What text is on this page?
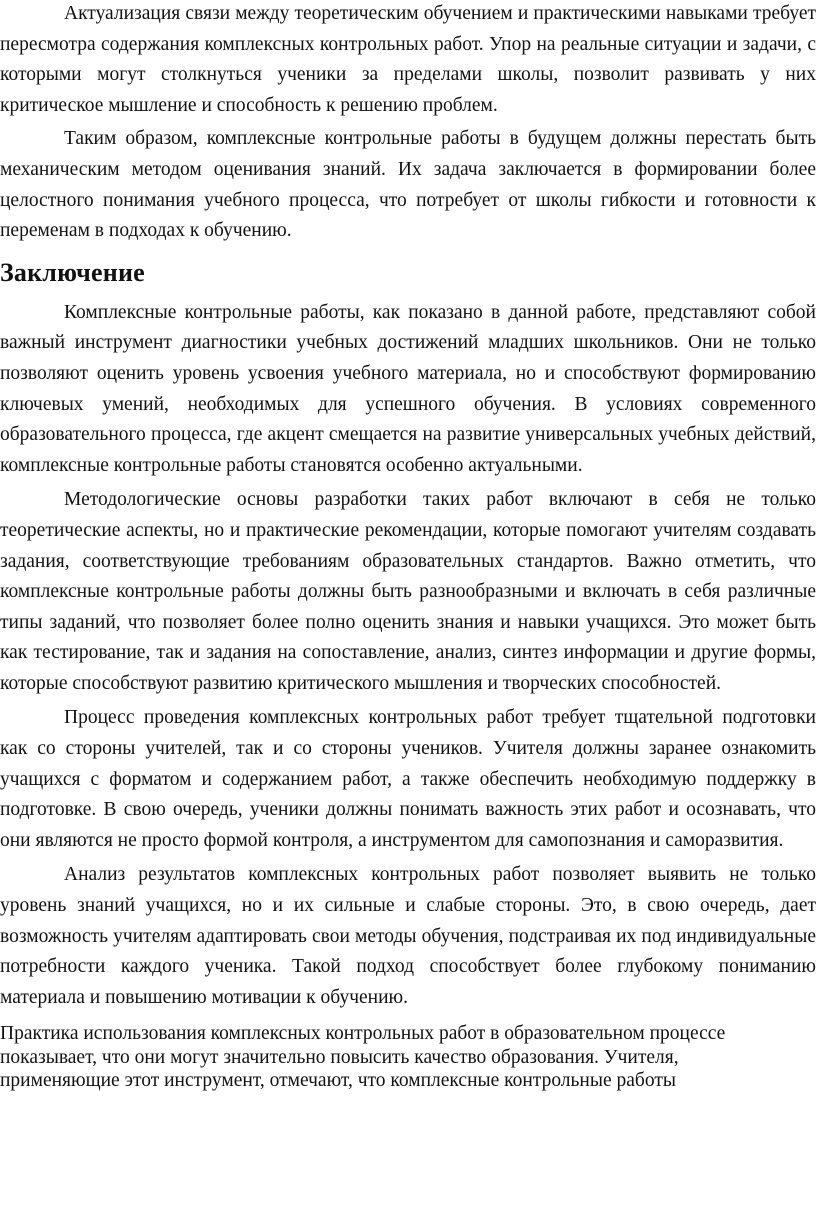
Актуализация связи между теоретическим обучением и практическими навыками требует пересмотра содержания комплексных контрольных работ. Упор на реальные ситуации и задачи, с которыми могут столкнуться ученики за пределами школы, позволит развивать у них критическое мышление и способность к решению проблем.

Таким образом, комплексные контрольные работы в будущем должны перестать быть механическим методом оценивания знаний. Их задача заключается в формировании более целостного понимания учебного процесса, что потребует от школы гибкости и готовности к переменам в подходах к обучению.

Заключение

Комплексные контрольные работы, как показано в данной работе, представляют собой важный инструмент диагностики учебных достижений младших школьников. Они не только позволяют оценить уровень усвоения учебного материала, но и способствуют формированию ключевых умений, необходимых для успешного обучения. В условиях современного образовательного процесса, где акцент смещается на развитие универсальных учебных действий, комплексные контрольные работы становятся особенно актуальными.

Методологические основы разработки таких работ включают в себя не только теоретические аспекты, но и практические рекомендации, которые помогают учителям создавать задания, соответствующие требованиям образовательных стандартов. Важно отметить, что комплексные контрольные работы должны быть разнообразными и включать в себя различные типы заданий, что позволяет более полно оценить знания и навыки учащихся. Это может быть как тестирование, так и задания на сопоставление, анализ, синтез информации и другие формы, которые способствуют развитию критического мышления и творческих способностей.

Процесс проведения комплексных контрольных работ требует тщательной подготовки как со стороны учителей, так и со стороны учеников. Учителя должны заранее ознакомить учащихся с форматом и содержанием работ, а также обеспечить необходимую поддержку в подготовке. В свою очередь, ученики должны понимать важность этих работ и осознавать, что они являются не просто формой контроля, а инструментом для самопознания и саморазвития.

Анализ результатов комплексных контрольных работ позволяет выявить не только уровень знаний учащихся, но и их сильные и слабые стороны. Это, в свою очередь, дает возможность учителям адаптировать свои методы обучения, подстраивая их под индивидуальные потребности каждого ученика. Такой подход способствует более глубокому пониманию материала и повышению мотивации к обучению.

Практика использования комплексных контрольных работ в образовательном процессе показывает, что они могут значительно повысить качество образования. Учителя, применяющие этот инструмент, отмечают, что комплексные контрольные работы
